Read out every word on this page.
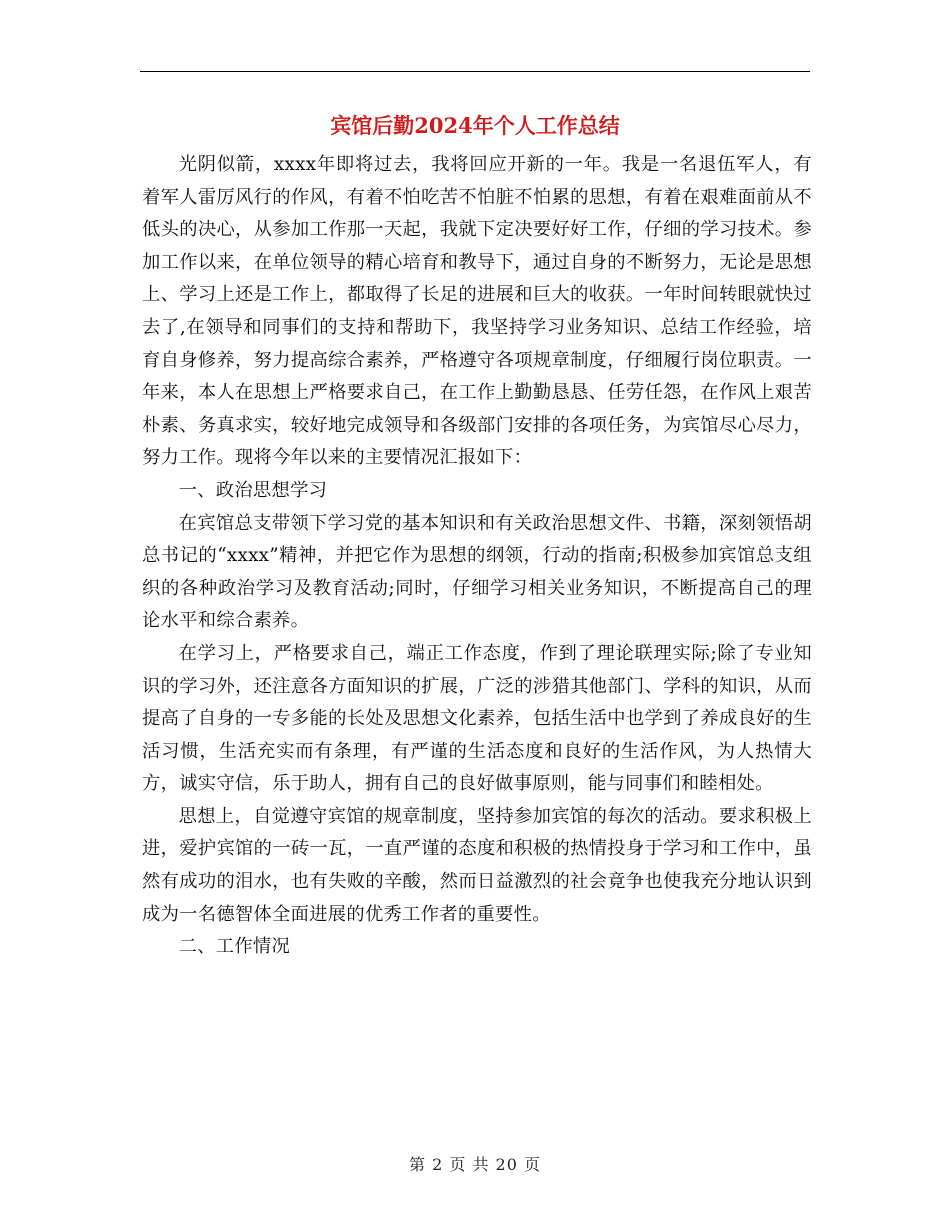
宾馆后勤2024年个人工作总结

光阴似箭，xxxx年即将过去，我将回应开新的一年。我是一名退伍军人，有着军人雷厉风行的作风，有着不怕吃苦不怕脏不怕累的思想，有着在艰难面前从不低头的决心，从参加工作那一天起，我就下定决要好好工作，仔细的学习技术。参加工作以来，在单位领导的精心培育和教导下，通过自身的不断努力，无论是思想上、学习上还是工作上，都取得了长足的进展和巨大的收获。一年时间转眼就快过去了,在领导和同事们的支持和帮助下，我坚持学习业务知识、总结工作经验，培育自身修养，努力提高综合素养，严格遵守各项规章制度，仔细履行岗位职责。一年来，本人在思想上严格要求自己，在工作上勤勤恳恳、任劳任怨，在作风上艰苦朴素、务真求实，较好地完成领导和各级部门安排的各项任务，为宾馆尽心尽力，努力工作。现将今年以来的主要情况汇报如下：

一、政治思想学习

在宾馆总支带领下学习党的基本知识和有关政治思想文件、书籍，深刻领悟胡总书记的“xxxx”精神，并把它作为思想的纲领，行动的指南;积极参加宾馆总支组织的各种政治学习及教育活动;同时，仔细学习相关业务知识，不断提高自己的理论水平和综合素养。

在学习上，严格要求自己，端正工作态度，作到了理论联理实际;除了专业知识的学习外，还注意各方面知识的扩展，广泛的涉猎其他部门、学科的知识，从而提高了自身的一专多能的长处及思想文化素养，包括生活中也学到了养成良好的生活习惯，生活充实而有条理，有严谨的生活态度和良好的生活作风，为人热情大方，诚实守信，乐于助人，拥有自己的良好做事原则，能与同事们和睦相处。

思想上，自觉遵守宾馆的规章制度，坚持参加宾馆的每次的活动。要求积极上进，爱护宾馆的一砖一瓦，一直严谨的态度和积极的热情投身于学习和工作中，虽然有成功的泪水，也有失败的辛酸，然而日益激烈的社会竟争也使我充分地认识到成为一名德智体全面进展的优秀工作者的重要性。

二、工作情况

第 2 页 共 20 页
